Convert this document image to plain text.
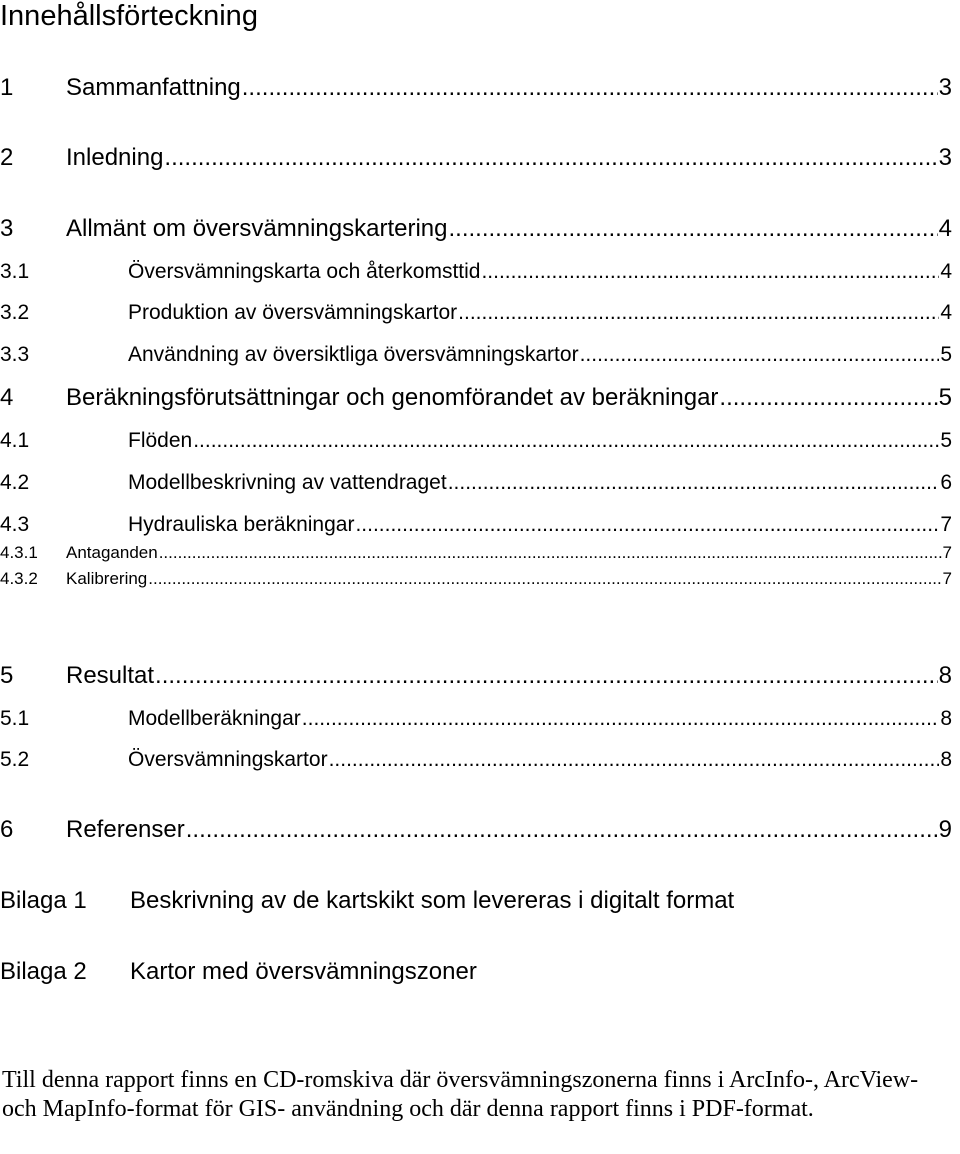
Innehållsförteckning
1	Sammanfattning .....	3
2	Inledning .....	3
3	Allmänt om översvämningskartering .....	4
3.1	Översvämningskarta och återkomsttid .....	4
3.2	Produktion av översvämningskartor .....	4
3.3	Användning av översiktliga översvämningskartor .....	5
4	Beräkningsförutsättningar och genomförandet av beräkningar .....	5
4.1	Flöden .....	5
4.2	Modellbeskrivning av vattendraget .....	6
4.3	Hydrauliska beräkningar .....	7
4.3.1	Antaganden .....	7
4.3.2	Kalibrering .....	7
5	Resultat .....	8
5.1	Modellberäkningar .....	8
5.2	Översvämningskartor .....	8
6	Referenser .....	9
Bilaga 1	Beskrivning av de kartskikt som levereras i digitalt format
Bilaga 2	Kartor med översvämningszoner
Till denna rapport finns en CD-romskiva där översvämningszonerna finns i ArcInfo-, ArcView- och MapInfo-format för GIS- användning och där denna rapport finns i PDF-format.
